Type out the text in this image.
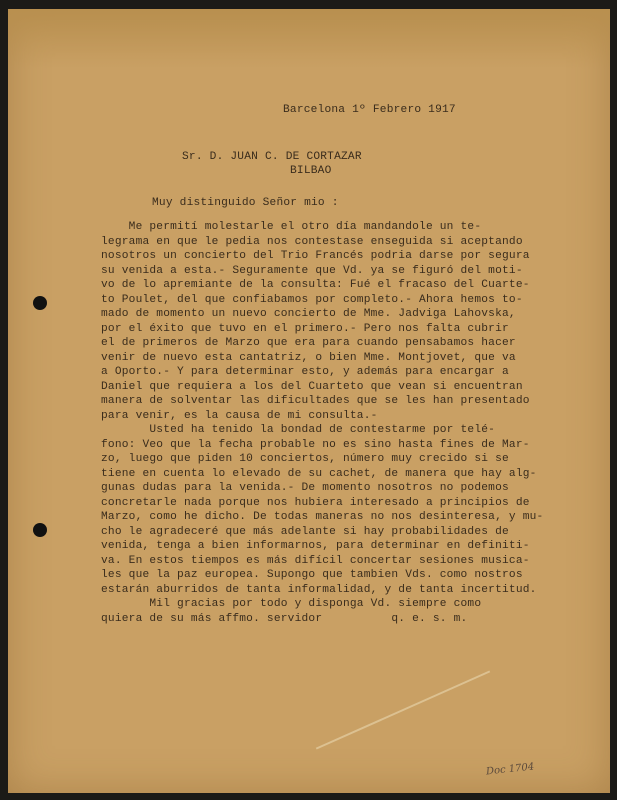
Barcelona 1º Febrero 1917

Sr. D. JUAN C. DE CORTAZAR

BILBAO

Muy distinguido Señor mio :

Me permití molestarle el otro día mandandole un te-
legrama en que le pedia nos contestase enseguida si aceptando
nosotros un concierto del Trio Francés podria darse por segura
su venida a esta.- Seguramente que Vd. ya se figuró del moti-
vo de lo apremiante de la consulta: Fué el fracaso del Cuarte-
to Poulet, del que confiabamos por completo.- Ahora hemos to-
mado de momento un nuevo concierto de Mme. Jadviga Lahovska,
por el éxito que tuvo en el primero.- Pero nos falta cubrir
el de primeros de Marzo que era para cuando pensabamos hacer
venir de nuevo esta cantatriz, o bien Mme. Montjovet, que va
a Oporto.- Y para determinar esto, y además para encargar a
Daniel que requiera a los del Cuarteto que vean si encuentran
manera de solventar las dificultades que se les han presentado
para venir, es la causa de mi consulta.-
Usted ha tenido la bondad de contestarme por telé-
fono: Veo que la fecha probable no es sino hasta fines de Mar-
zo, luego que piden 10 conciertos, número muy crecido si se
tiene en cuenta lo elevado de su cachet, de manera que hay alg-
gunas dudas para la venida.- De momento nosotros no podemos
concretarle nada porque nos hubiera interesado a principios de
Marzo, como he dicho. De todas maneras no nos desinteresa, y mu-
cho le agradeceré que más adelante si hay probabilidades de
venida, tenga a bien informarnos, para determinar en definiti-
va. En estos tiempos es más difícil concertar sesiones musica-
les que la paz europea. Supongo que tambien Vds. como nostros
estarán aburridos de tanta informalidad, y de tanta incertitud.
Mil gracias por todo y disponga Vd. siempre como
quiera de su más affmo. servidor          q. e. s. m.
Doc 1704
